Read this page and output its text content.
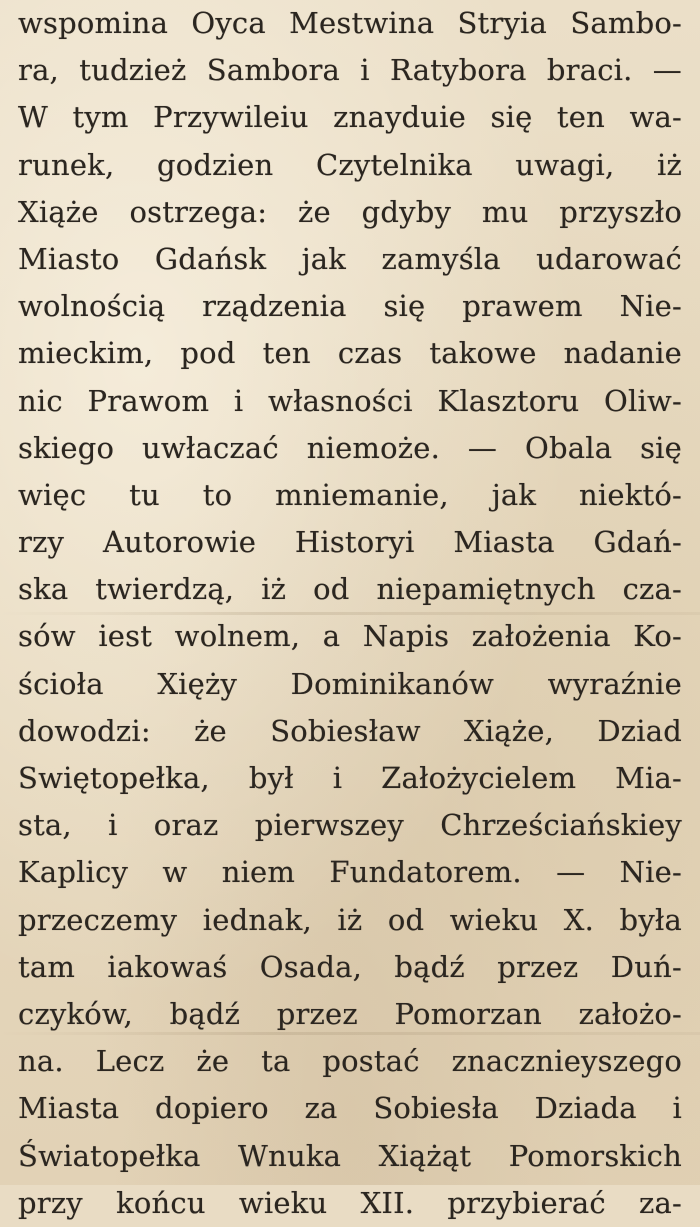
wspomina Oyca Mestwina Stryia Sambo-
ra, tudzież Sambora i Ratybora braci. —
W tym Przywileiu znayduie się ten wa-
runek, godzien Czytelnika uwagi, iż
Xiąże ostrzega: że gdyby mu przyszło
Miasto Gdańsk jak zamyśla udarować
wolnością rządzenia się prawem Nie-
mieckim, pod ten czas takowe nadanie
nic Prawom i własności Klasztoru Oliw-
skiego uwłaczać niemoże. — Obala się
więc tu to mniemanie, jak niektó-
rzy Autorowie Historyi Miasta Gdań-
ska twierdzą, iż od niepamiętnych cza-
sów iest wolnem, a Napis założenia Ko-
ścioła Xięży Dominikanów wyraźnie
dowodzi: że Sobiesław Xiąże, Dziad
Swiętopełka, był i Założycielem Mia-
sta, i oraz pierwszey Chrześciańskiey
Kaplicy w niem Fundatorem. — Nie-
przeczemy iednak, iż od wieku X. była
tam iakowaś Osada, bądź przez Duń-
czyków, bądź przez Pomorzan założo-
na. Lecz że ta postać znacznieyszego
Miasta dopiero za Sobiesła Dziada i
Światopełka Wnuka Xiążąt Pomorskich
przy końcu wieku XII. przybierać za-
